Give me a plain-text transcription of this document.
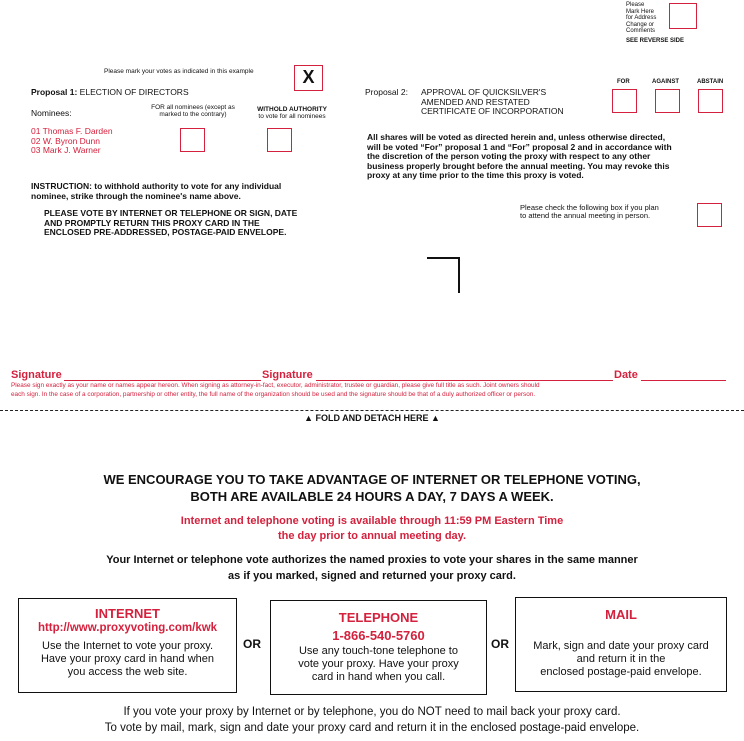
Please
Mark Here
for Address
Change or
Comments
SEE REVERSE SIDE
Please mark your votes as indicated in this example	X
Proposal 1: ELECTION OF DIRECTORS
Nominees:
FOR all nominees (except as
marked to the contrary)
WITHOLD AUTHORITY
to vote for all nominees
01 Thomas F. Darden
02 W. Byron Dunn
03 Mark J. Warner
INSTRUCTION: to withhold authority to vote for any individual
nominee, strike through the nominee's name above.
PLEASE VOTE BY INTERNET OR TELEPHONE OR SIGN, DATE
AND PROMPTLY RETURN THIS PROXY CARD IN THE
ENCLOSED PRE-ADDRESSED, POSTAGE-PAID ENVELOPE.
Proposal 2: APPROVAL OF QUICKSILVER'S
AMENDED AND RESTATED
CERTIFICATE OF INCORPORATION
FOR	AGAINST	ABSTAIN
All shares will be voted as directed herein and, unless otherwise directed,
will be voted “For” proposal 1 and “For” proposal 2 and in accordance with
the discretion of the person voting the proxy with respect to any other
business properly brought before the annual meeting. You may revoke this
proxy at any time prior to the time this proxy is voted.
Please check the following box if you plan
to attend the annual meeting in person.
Signature	Signature	Date
Please sign exactly as your name or names appear hereon. When signing as attorney-in-fact, executor, administrator, trustee or guardian, please give full title as such. Joint owners should
each sign. In the case of a corporation, partnership or other entity, the full name of the organization should be used and the signature should be that of a duly authorized officer or person.
▲ FOLD AND DETACH HERE ▲
WE ENCOURAGE YOU TO TAKE ADVANTAGE OF INTERNET OR TELEPHONE VOTING,
BOTH ARE AVAILABLE 24 HOURS A DAY, 7 DAYS A WEEK.
Internet and telephone voting is available through 11:59 PM Eastern Time
the day prior to annual meeting day.
Your Internet or telephone vote authorizes the named proxies to vote your shares in the same manner
as if you marked, signed and returned your proxy card.
INTERNET
http://www.proxyvoting.com/kwk
Use the Internet to vote your proxy.
Have your proxy card in hand when
you access the web site.
OR
TELEPHONE
1-866-540-5760
Use any touch-tone telephone to
vote your proxy. Have your proxy
card in hand when you call.
OR
MAIL
Mark, sign and date your proxy card
and return it in the
enclosed postage-paid envelope.
If you vote your proxy by Internet or by telephone, you do NOT need to mail back your proxy card.
To vote by mail, mark, sign and date your proxy card and return it in the enclosed postage-paid envelope.
